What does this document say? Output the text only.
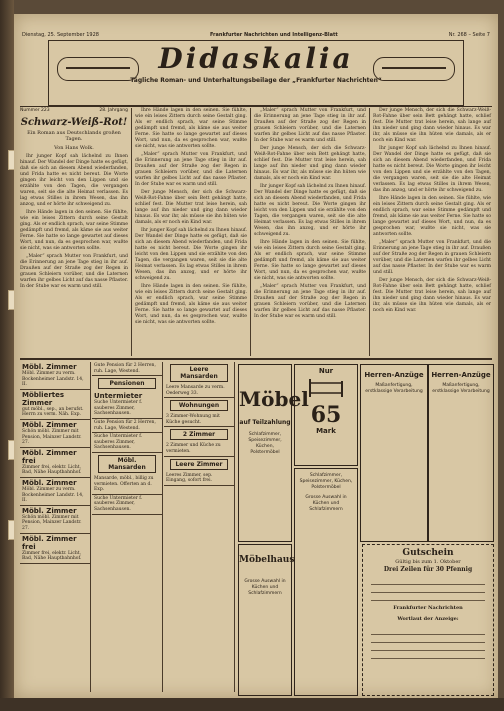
Dienstag, 25. September 1928	Frankfurter Nachrichten und Intelligenz-Blatt	Nr. 268 – Seite 7
Didaskalia
Tägliche Roman- und Unterhaltungsbeilage der „Frankfurter Nachrichten“
Nummer 223	28. Jahrgang
Schwarz-Weiß-Rot!
Ein Roman aus Deutschlands großen Tagen.
Von Hans Wolk.

Ihr junger Kopf sah lächelnd zu Ihnen hinauf. Der Wandel der Dinge hatte es gefügt, daß sie sich an diesem Abend wiederfanden, und Frida hatte es nicht bereut. Die Worte gingen ihr leicht von den Lippen und sie erzählte von den Tagen, die vergangen waren, seit sie die alte Heimat verlassen. Es lag etwas Stilles in ihrem Wesen, das ihn anzog, und er hörte ihr schweigend zu.

Ihre Hände lagen in den seinen. Sie fühlte, wie ein leises Zittern durch seine Gestalt ging. Als er endlich sprach, war seine Stimme gedämpft und fremd, als käme sie aus weiter Ferne. Sie hatte so lange gewartet auf dieses Wort, und nun, da es gesprochen war, wußte sie nicht, was sie antworten sollte.

„Maler“ sprach Mutter von Frankfurt, und die Erinnerung an jene Tage stieg in ihr auf. Draußen auf der Straße zog der Regen in grauen Schleiern vorüber, und die Laternen warfen ihr gelbes Licht auf das nasse Pflaster. In der Stube war es warm und still.

Ihre Hände lagen in den seinen. Sie fühlte, wie ein leises Zittern durch seine Gestalt ging. Als er endlich sprach, war seine Stimme gedämpft und fremd, als käme sie aus weiter Ferne. Sie hatte so lange gewartet auf dieses Wort, und nun, da es gesprochen war, wußte sie nicht, was sie antworten sollte.

„Maler“ sprach Mutter von Frankfurt, und die Erinnerung an jene Tage stieg in ihr auf. Draußen auf der Straße zog der Regen in grauen Schleiern vorüber, und die Laternen warfen ihr gelbes Licht auf das nasse Pflaster. In der Stube war es warm und still.

Der junge Mensch, der sich die Schwarz-Weiß-Rot-Fahne über sein Bett gehängt hatte, schlief fest. Die Mutter trat leise herein, sah lange auf ihn nieder und ging dann wieder hinaus. Es war ihr, als müsse sie ihn hüten wie damals, als er noch ein Kind war.

Ihr junger Kopf sah lächelnd zu Ihnen hinauf. Der Wandel der Dinge hatte es gefügt, daß sie sich an diesem Abend wiederfanden, und Frida hatte es nicht bereut. Die Worte gingen ihr leicht von den Lippen und sie erzählte von den Tagen, die vergangen waren, seit sie die alte Heimat verlassen. Es lag etwas Stilles in ihrem Wesen, das ihn anzog, und er hörte ihr schweigend zu.

Ihre Hände lagen in den seinen. Sie fühlte, wie ein leises Zittern durch seine Gestalt ging. Als er endlich sprach, war seine Stimme gedämpft und fremd, als käme sie aus weiter Ferne. Sie hatte so lange gewartet auf dieses Wort, und nun, da es gesprochen war, wußte sie nicht, was sie antworten sollte.

„Maler“ sprach Mutter von Frankfurt, und die Erinnerung an jene Tage stieg in ihr auf. Draußen auf der Straße zog der Regen in grauen Schleiern vorüber, und die Laternen warfen ihr gelbes Licht auf das nasse Pflaster. In der Stube war es warm und still.

Der junge Mensch, der sich die Schwarz-Weiß-Rot-Fahne über sein Bett gehängt hatte, schlief fest. Die Mutter trat leise herein, sah lange auf ihn nieder und ging dann wieder hinaus. Es war ihr, als müsse sie ihn hüten wie damals, als er noch ein Kind war.

Ihr junger Kopf sah lächelnd zu Ihnen hinauf. Der Wandel der Dinge hatte es gefügt, daß sie sich an diesem Abend wiederfanden, und Frida hatte es nicht bereut. Die Worte gingen ihr leicht von den Lippen und sie erzählte von den Tagen, die vergangen waren, seit sie die alte Heimat verlassen. Es lag etwas Stilles in ihrem Wesen, das ihn anzog, und er hörte ihr schweigend zu.

Ihre Hände lagen in den seinen. Sie fühlte, wie ein leises Zittern durch seine Gestalt ging. Als er endlich sprach, war seine Stimme gedämpft und fremd, als käme sie aus weiter Ferne. Sie hatte so lange gewartet auf dieses Wort, und nun, da es gesprochen war, wußte sie nicht, was sie antworten sollte.

„Maler“ sprach Mutter von Frankfurt, und die Erinnerung an jene Tage stieg in ihr auf. Draußen auf der Straße zog der Regen in grauen Schleiern vorüber, und die Laternen warfen ihr gelbes Licht auf das nasse Pflaster. In der Stube war es warm und still.

Der junge Mensch, der sich die Schwarz-Weiß-Rot-Fahne über sein Bett gehängt hatte, schlief fest. Die Mutter trat leise herein, sah lange auf ihn nieder und ging dann wieder hinaus. Es war ihr, als müsse sie ihn hüten wie damals, als er noch ein Kind war.

Ihr junger Kopf sah lächelnd zu Ihnen hinauf. Der Wandel der Dinge hatte es gefügt, daß sie sich an diesem Abend wiederfanden, und Frida hatte es nicht bereut. Die Worte gingen ihr leicht von den Lippen und sie erzählte von den Tagen, die vergangen waren, seit sie die alte Heimat verlassen. Es lag etwas Stilles in ihrem Wesen, das ihn anzog, und er hörte ihr schweigend zu.

Ihre Hände lagen in den seinen. Sie fühlte, wie ein leises Zittern durch seine Gestalt ging. Als er endlich sprach, war seine Stimme gedämpft und fremd, als käme sie aus weiter Ferne. Sie hatte so lange gewartet auf dieses Wort, und nun, da es gesprochen war, wußte sie nicht, was sie antworten sollte.

„Maler“ sprach Mutter von Frankfurt, und die Erinnerung an jene Tage stieg in ihr auf. Draußen auf der Straße zog der Regen in grauen Schleiern vorüber, und die Laternen warfen ihr gelbes Licht auf das nasse Pflaster. In der Stube war es warm und still.

Der junge Mensch, der sich die Schwarz-Weiß-Rot-Fahne über sein Bett gehängt hatte, schlief fest. Die Mutter trat leise herein, sah lange auf ihn nieder und ging dann wieder hinaus. Es war ihr, als müsse sie ihn hüten wie damals, als er noch ein Kind war.

Möbl. Zimmer
Möbl. Zimmer zu verm. Bockenheimer Landstr. 14, II.
Möbliertes Zimmer
gut möbl., sep., an berufst. Herrn zu verm. Näh. Exp.
Möbl. Zimmer
Schön möbl. Zimmer mit Pension, Mainzer Landstr. 27.
Möbl. Zimmer frei
Zimmer frei, elektr. Licht, Bad, Nähe Hauptbahnhof.
Möbl. Zimmer
Möbl. Zimmer zu verm. Bockenheimer Landstr. 14, II.
Möbl. Zimmer
Schön möbl. Zimmer mit Pension, Mainzer Landstr. 27.
Möbl. Zimmer frei
Zimmer frei, elektr. Licht, Bad, Nähe Hauptbahnhof.
Gute Pension für 2 Herren, ruh. Lage, Westend.
Pensionen
Untermieter
Suche Untermieter f. sauberes Zimmer, Sachsenhausen.
Gute Pension für 2 Herren, ruh. Lage, Westend.
Suche Untermieter f. sauberes Zimmer, Sachsenhausen.
Möbl. Mansarden
Mansarde, möbl., billig zu vermieten. Offerten an d. Exp.
Suche Untermieter f. sauberes Zimmer, Sachsenhausen.
Leere Mansarden
Leere Mansarde zu verm. Oederweg 33.
Wohnungen
3 Zimmer-Wohnung mit Küche gesucht.
2 Zimmer
2 Zimmer und Küche zu vermieten.
Leere Zimmer
Leeres Zimmer, sep. Eingang, sofort frei.
Möbel
auf Teilzahlung
Schlafzimmer, Speisezimmer, Küchen, Polstermöbel
Nur
65
Mark
Möbelhaus
Grosse Auswahl in Küchen und Schlafzimmern
Schlafzimmer, Speisezimmer, Küchen, Polstermöbel
Grosse Auswahl in Küchen und Schlafzimmern
Herren-Anzüge
Maßanfertigung, erstklassige Verarbeitung
Herren-Anzüge
Maßanfertigung, erstklassige Verarbeitung
Gutschein
Gültig bis zum 1. Oktober
Drei Zeilen für 30 Pfennig
Frankfurter Nachrichten
Wortlaut der Anzeige:
